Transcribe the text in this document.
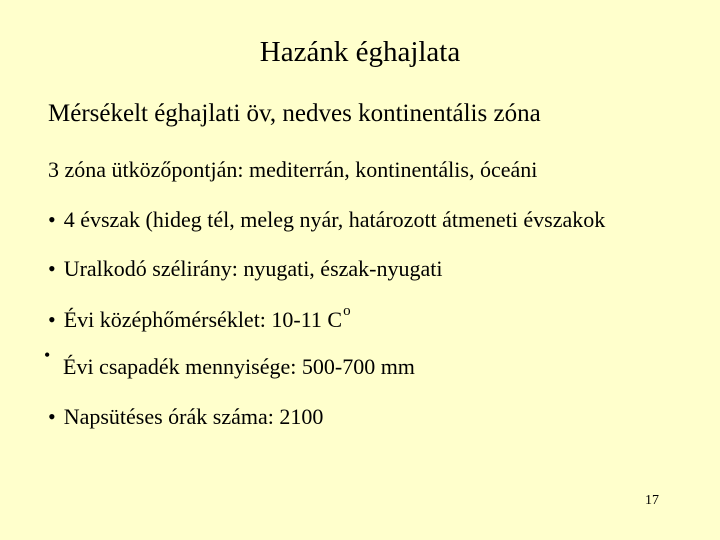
Hazánk éghajlata
Mérsékelt éghajlati öv, nedves kontinentális zóna
3 zóna ütközőpontján: mediterrán, kontinentális, óceáni
• 4 évszak (hideg tél, meleg nyár, határozott átmeneti évszakok
• Uralkodó szélirány: nyugati, észak-nyugati
• Évi középhőmérséklet: 10-11 $C^o$
• Évi csapadék mennyisége: 500-700 mm
• Napsütéses órák száma: 2100
17
